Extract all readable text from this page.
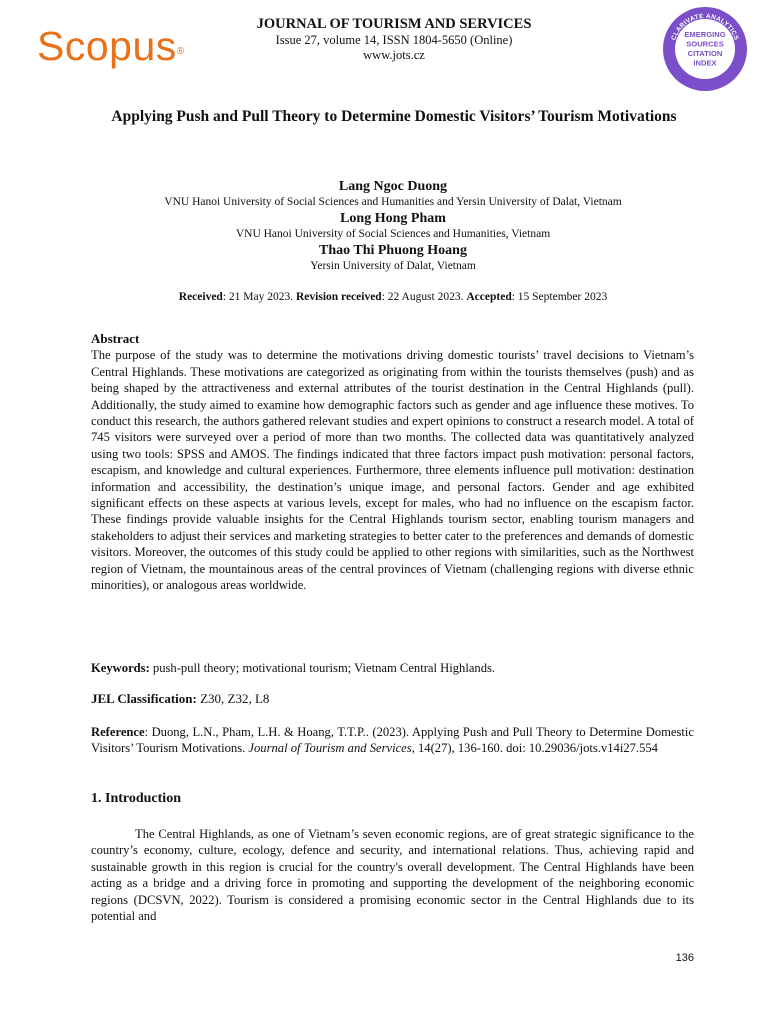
Scopus®
JOURNAL OF TOURISM AND SERVICES
Issue 27, volume 14, ISSN 1804-5650 (Online)
www.jots.cz
CLARIVATE ANALYTICS
INDEXED
EMERGING
SOURCES
CITATION
INDEX
Applying Push and Pull Theory to Determine Domestic Visitors’ Tourism Motivations
Lang Ngoc Duong
VNU Hanoi University of Social Sciences and Humanities and Yersin University of Dalat, Vietnam
Long Hong Pham
VNU Hanoi University of Social Sciences and Humanities, Vietnam
Thao Thi Phuong Hoang
Yersin University of Dalat, Vietnam
Received: 21 May 2023. Revision received: 22 August 2023. Accepted: 15 September 2023
Abstract
The purpose of the study was to determine the motivations driving domestic tourists’ travel decisions to Vietnam’s Central Highlands. These motivations are categorized as originating from within the tourists themselves (push) and as being shaped by the attractiveness and external attributes of the tourist destination in the Central Highlands (pull). Additionally, the study aimed to examine how demographic factors such as gender and age influence these motives. To conduct this research, the authors gathered relevant studies and expert opinions to construct a research model. A total of 745 visitors were surveyed over a period of more than two months. The collected data was quantitatively analyzed using two tools: SPSS and AMOS. The findings indicated that three factors impact push motivation: personal factors, escapism, and knowledge and cultural experiences. Furthermore, three elements influence pull motivation: destination information and accessibility, the destination’s unique image, and personal factors. Gender and age exhibited significant effects on these aspects at various levels, except for males, who had no influence on the escapism factor. These findings provide valuable insights for the Central Highlands tourism sector, enabling tourism managers and stakeholders to adjust their services and marketing strategies to better cater to the preferences and demands of domestic visitors. Moreover, the outcomes of this study could be applied to other regions with similarities, such as the Northwest region of Vietnam, the mountainous areas of the central provinces of Vietnam (challenging regions with diverse ethnic minorities), or analogous areas worldwide.
Keywords: push-pull theory; motivational tourism; Vietnam Central Highlands.
JEL Classification: Z30, Z32, L8
Reference: Duong, L.N., Pham, L.H. & Hoang, T.T.P.. (2023). Applying Push and Pull Theory to Determine Domestic Visitors’ Tourism Motivations. Journal of Tourism and Services, 14(27), 136-160. doi: 10.29036/jots.v14i27.554
1. Introduction
The Central Highlands, as one of Vietnam’s seven economic regions, are of great strategic significance to the country’s economy, culture, ecology, defence and security, and international relations. Thus, achieving rapid and sustainable growth in this region is crucial for the country's overall development. The Central Highlands have been acting as a bridge and a driving force in promoting and supporting the development of the neighboring economic regions (DCSVN, 2022). Tourism is considered a promising economic sector in the Central Highlands due to its potential and
136
